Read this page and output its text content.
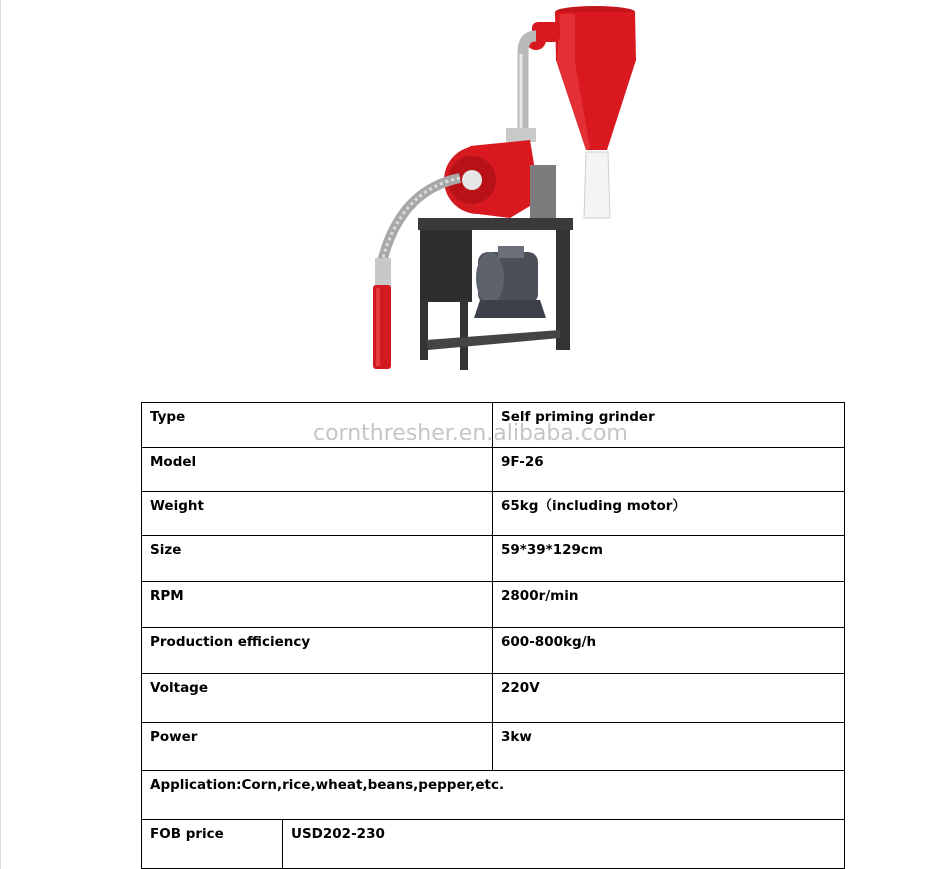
cornthresher.en.alibaba.com
Type		Self priming grinder
Model		9F-26
Weight		65kg（including motor）
Size		59*39*129cm
RPM		2800r/min
Production efficiency		600-800kg/h
Voltage		220V
Power		3kw
Application:Corn,rice,wheat,beans,pepper,etc.		
FOB price	USD202-230	
